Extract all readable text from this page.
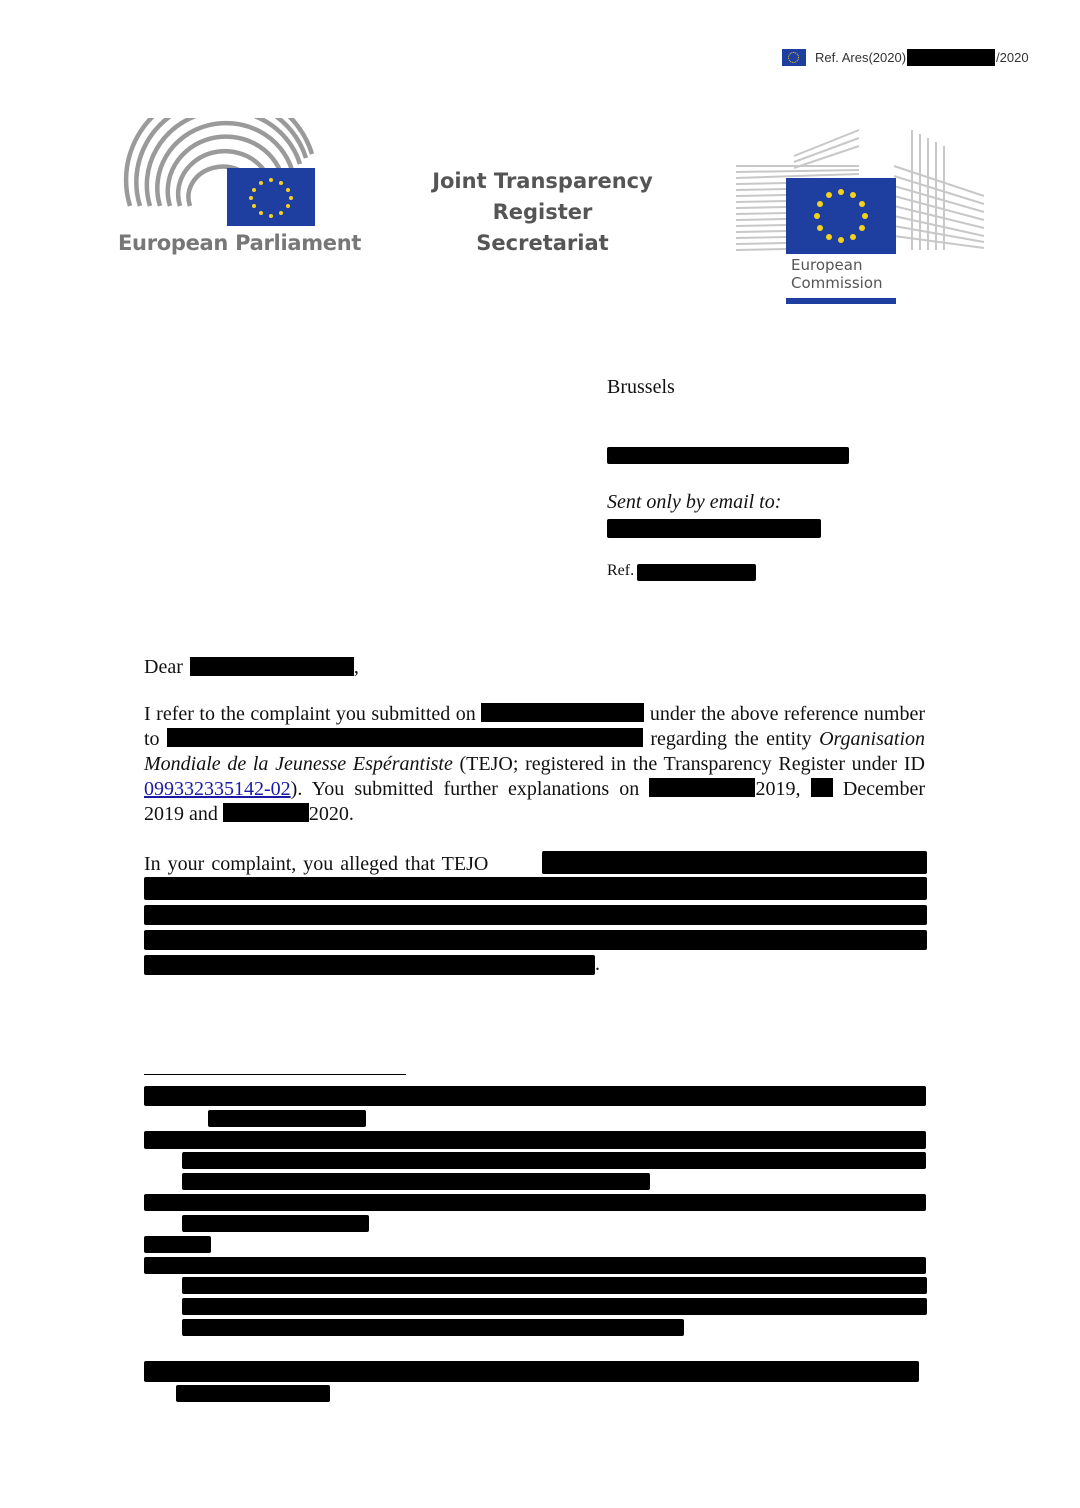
Ref. Ares(2020)	/2020
European Parliament
Joint Transparency Register
Secretariat
European
Commission
Brussels
Sent only by email to:
Ref.
Dear	,
I refer to the complaint you submitted on	under the above reference number to	regarding the entity Organisation Mondiale de la Jeunesse Espérantiste (TEJO; registered in the Transparency Register under ID 099332335142-02). You submitted further explanations on	2019, December 2019 and	2020.
In your complaint, you alleged that TEJO
.
